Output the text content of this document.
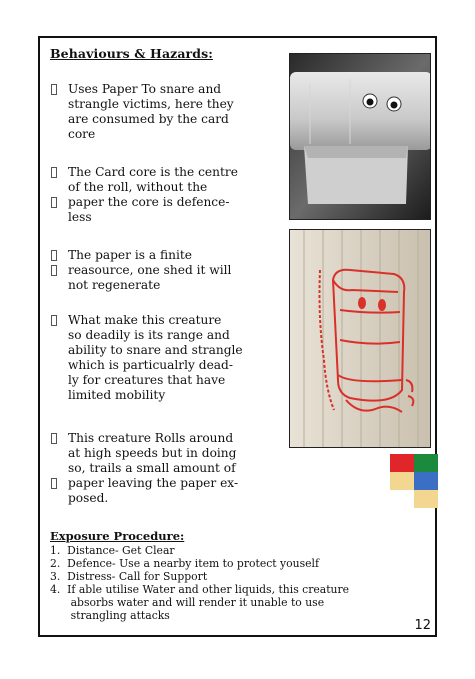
Behaviours & Hazards:
Uses Paper To snare and
strangle victims, here they
are consumed by the card
core
The Card core is the centre
of the roll, without the
paper the core is defence-
less
The paper is a finite
reasource, one shed it will
not regenerate
What make this creature
so deadily is its range and
ability to snare and strangle
which is particualrly dead-
ly for creatures that have
limited mobility
This creature Rolls around
at high speeds but in doing
so, trails a small amount of
paper leaving the paper ex-
posed.
Exposure Procedure:
1.  Distance- Get Clear
2.  Defence- Use a nearby item to protect youself
3.  Distress- Call for Support
4.  If able utilise Water and other liquids, this creature
absorbs water and will render it unable to use
strangling attacks
12
